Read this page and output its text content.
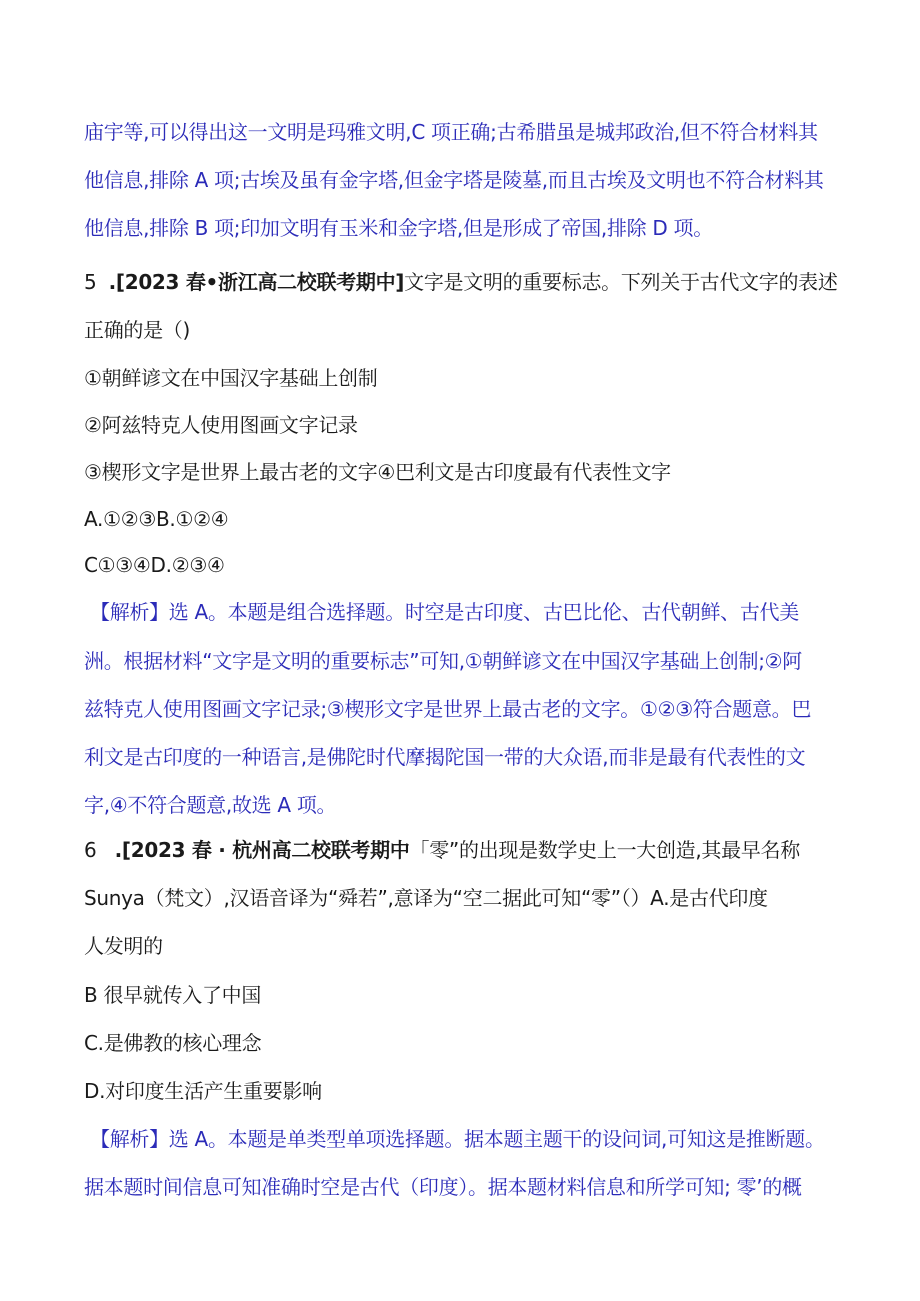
庙宇等,可以得出这一文明是玛雅文明,C 项正确;古希腊虽是城邦政治,但不符合材料其
他信息,排除 A 项;古埃及虽有金字塔,但金字塔是陵墓,而且古埃及文明也不符合材料其
他信息,排除 B 项;印加文明有玉米和金字塔,但是形成了帝国,排除 D 项。
5 .[2023 春•浙江高二校联考期中]文字是文明的重要标志。下列关于古代文字的表述
正确的是（)
①朝鲜谚文在中国汉字基础上创制
②阿兹特克人使用图画文字记录
③楔形文字是世界上最古老的文字④巴利文是古印度最有代表性文字
A.①②③B.①②④
C①③④D.②③④
【解析】选 A。本题是组合选择题。时空是古印度、古巴比伦、古代朝鲜、古代美
洲。根据材料“文字是文明的重要标志”可知,①朝鲜谚文在中国汉字基础上创制;②阿
兹特克人使用图画文字记录;③楔形文字是世界上最古老的文字。①②③符合题意。巴
利文是古印度的一种语言,是佛陀时代摩揭陀国一带的大众语,而非是最有代表性的文
字,④不符合题意,故选 A 项。
6 .[2023 春 · 杭州高二校联考期中「零”的出现是数学史上一大创造,其最早名称
Sunya（梵文）,汉语音译为“舜若”,意译为“空二据此可知“零”（）A.是古代印度
人发明的
B 很早就传入了中国
C.是佛教的核心理念
D.对印度生活产生重要影响
【解析】选 A。本题是单类型单项选择题。据本题主题干的设问词,可知这是推断题。
据本题时间信息可知准确时空是古代（印度）。据本题材料信息和所学可知; 零’的概
